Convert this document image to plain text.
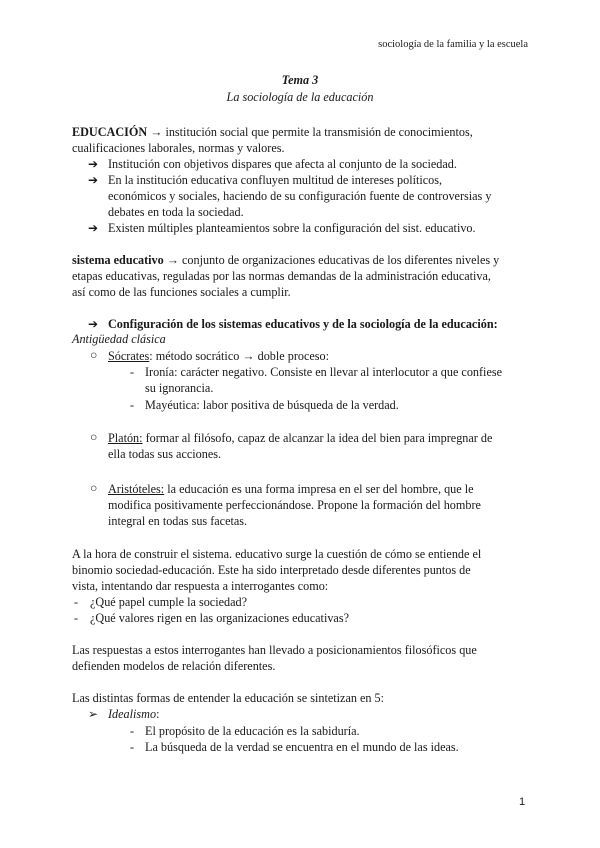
sociología de la familia y la escuela
Tema 3
La sociología de la educación
EDUCACIÓN → institución social que permite la transmisión de conocimientos,
cualificaciones laborales, normas y valores.
➔ Institución con objetivos dispares que afecta al conjunto de la sociedad.
➔ En la institución educativa confluyen multitud de intereses políticos,
económicos y sociales, haciendo de su configuración fuente de controversias y
debates en toda la sociedad.
➔ Existen múltiples planteamientos sobre la configuración del sist. educativo.
sistema educativo → conjunto de organizaciones educativas de los diferentes niveles y
etapas educativas, reguladas por las normas demandas de la administración educativa,
así como de las funciones sociales a cumplir.
➔ Configuración de los sistemas educativos y de la sociología de la educación:
Antigüedad clásica
○ Sócrates: método socrático → doble proceso:
- Ironía: carácter negativo. Consiste en llevar al interlocutor a que confiese
su ignorancia.
- Mayéutica: labor positiva de búsqueda de la verdad.
○ Platón: formar al filósofo, capaz de alcanzar la idea del bien para impregnar de
ella todas sus acciones.
○ Aristóteles: la educación es una forma impresa en el ser del hombre, que le
modifica positivamente perfeccionándose. Propone la formación del hombre
integral en todas sus facetas.
A la hora de construir el sistema. educativo surge la cuestión de cómo se entiende el
binomio sociedad-educación. Este ha sido interpretado desde diferentes puntos de
vista, intentando dar respuesta a interrogantes como:
- ¿Qué papel cumple la sociedad?
- ¿Qué valores rigen en las organizaciones educativas?
Las respuestas a estos interrogantes han llevado a posicionamientos filosóficos que
defienden modelos de relación diferentes.
Las distintas formas de entender la educación se sintetizan en 5:
➢ Idealismo:
- El propósito de la educación es la sabiduría.
- La búsqueda de la verdad se encuentra en el mundo de las ideas.
1
